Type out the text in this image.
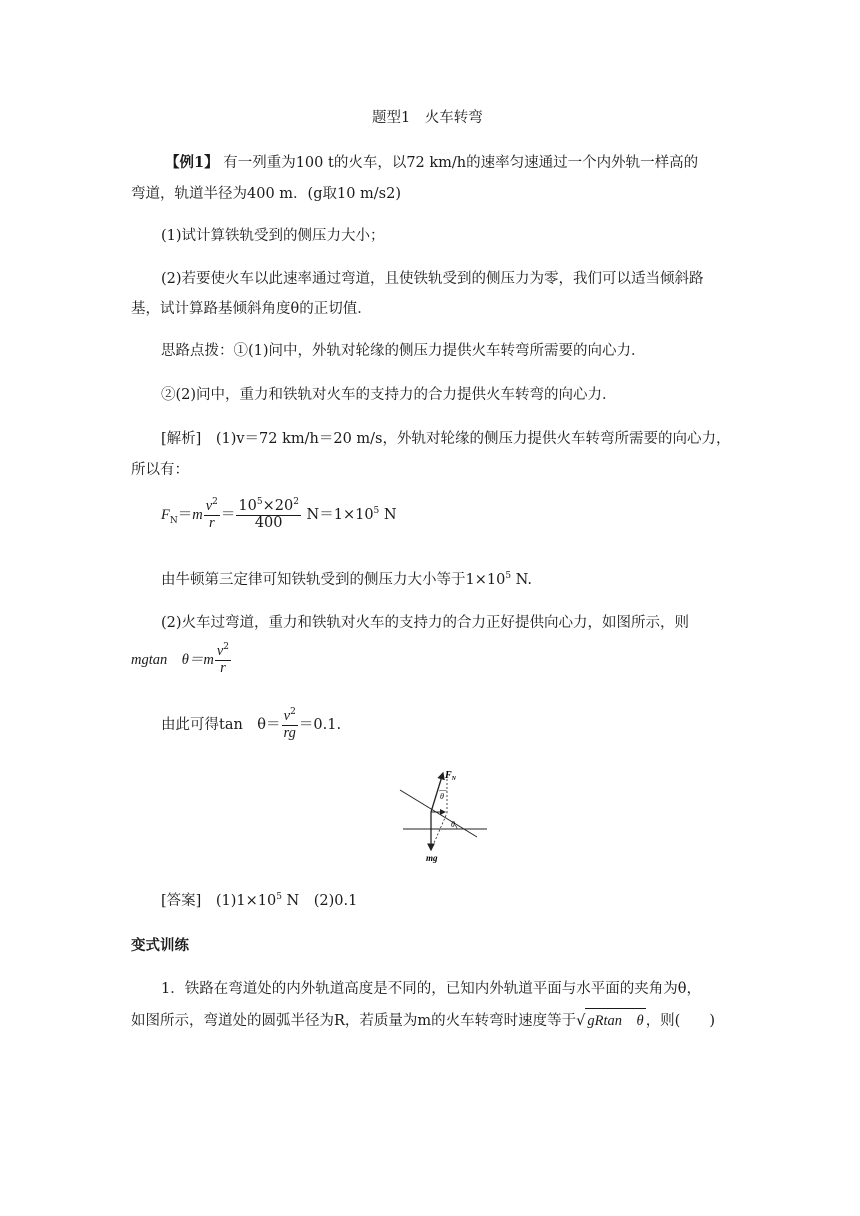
题型1　火车转弯
【例1】 有一列重为100 t的火车，以72 km/h的速率匀速通过一个内外轨一样高的
弯道，轨道半径为400 m．(g取10 m/s2)
(1)试计算铁轨受到的侧压力大小；
(2)若要使火车以此速率通过弯道，且使铁轨受到的侧压力为零，我们可以适当倾斜路
基，试计算路基倾斜角度θ的正切值．
思路点拨：①(1)问中，外轨对轮缘的侧压力提供火车转弯所需要的向心力．
②(2)问中，重力和铁轨对火车的支持力的合力提供火车转弯的向心力．
[解析]　(1)v＝72 km/h＝20 m/s，外轨对轮缘的侧压力提供火车转弯所需要的向心力，
所以有：
$F_N=m \frac{v^2}{r} = \frac{10^5\times 20^2}{400} N=1\times 10^5$ N
由牛顿第三定律可知铁轨受到的侧压力大小等于$1\times 10^5$ N.
(2)火车过弯道，重力和铁轨对火车的支持力的合力正好提供向心力，如图所示，则
mgtan　$\theta=m \frac{v^2}{r}$
由此可得tan　$\theta= \frac{v^2}{rg} =0.1$.
$F_N$
θ
θ
mg
[答案]　$(1)1\times 10^5$ N　(2)0.1
变式训练
1．铁路在弯道处的内外轨道高度是不同的，已知内外轨道平面与水平面的夹角为θ，
如图所示，弯道处的圆弧半径为R，若质量为m的火车转弯时速度等于√ gRtan　θ ，则(　　)
